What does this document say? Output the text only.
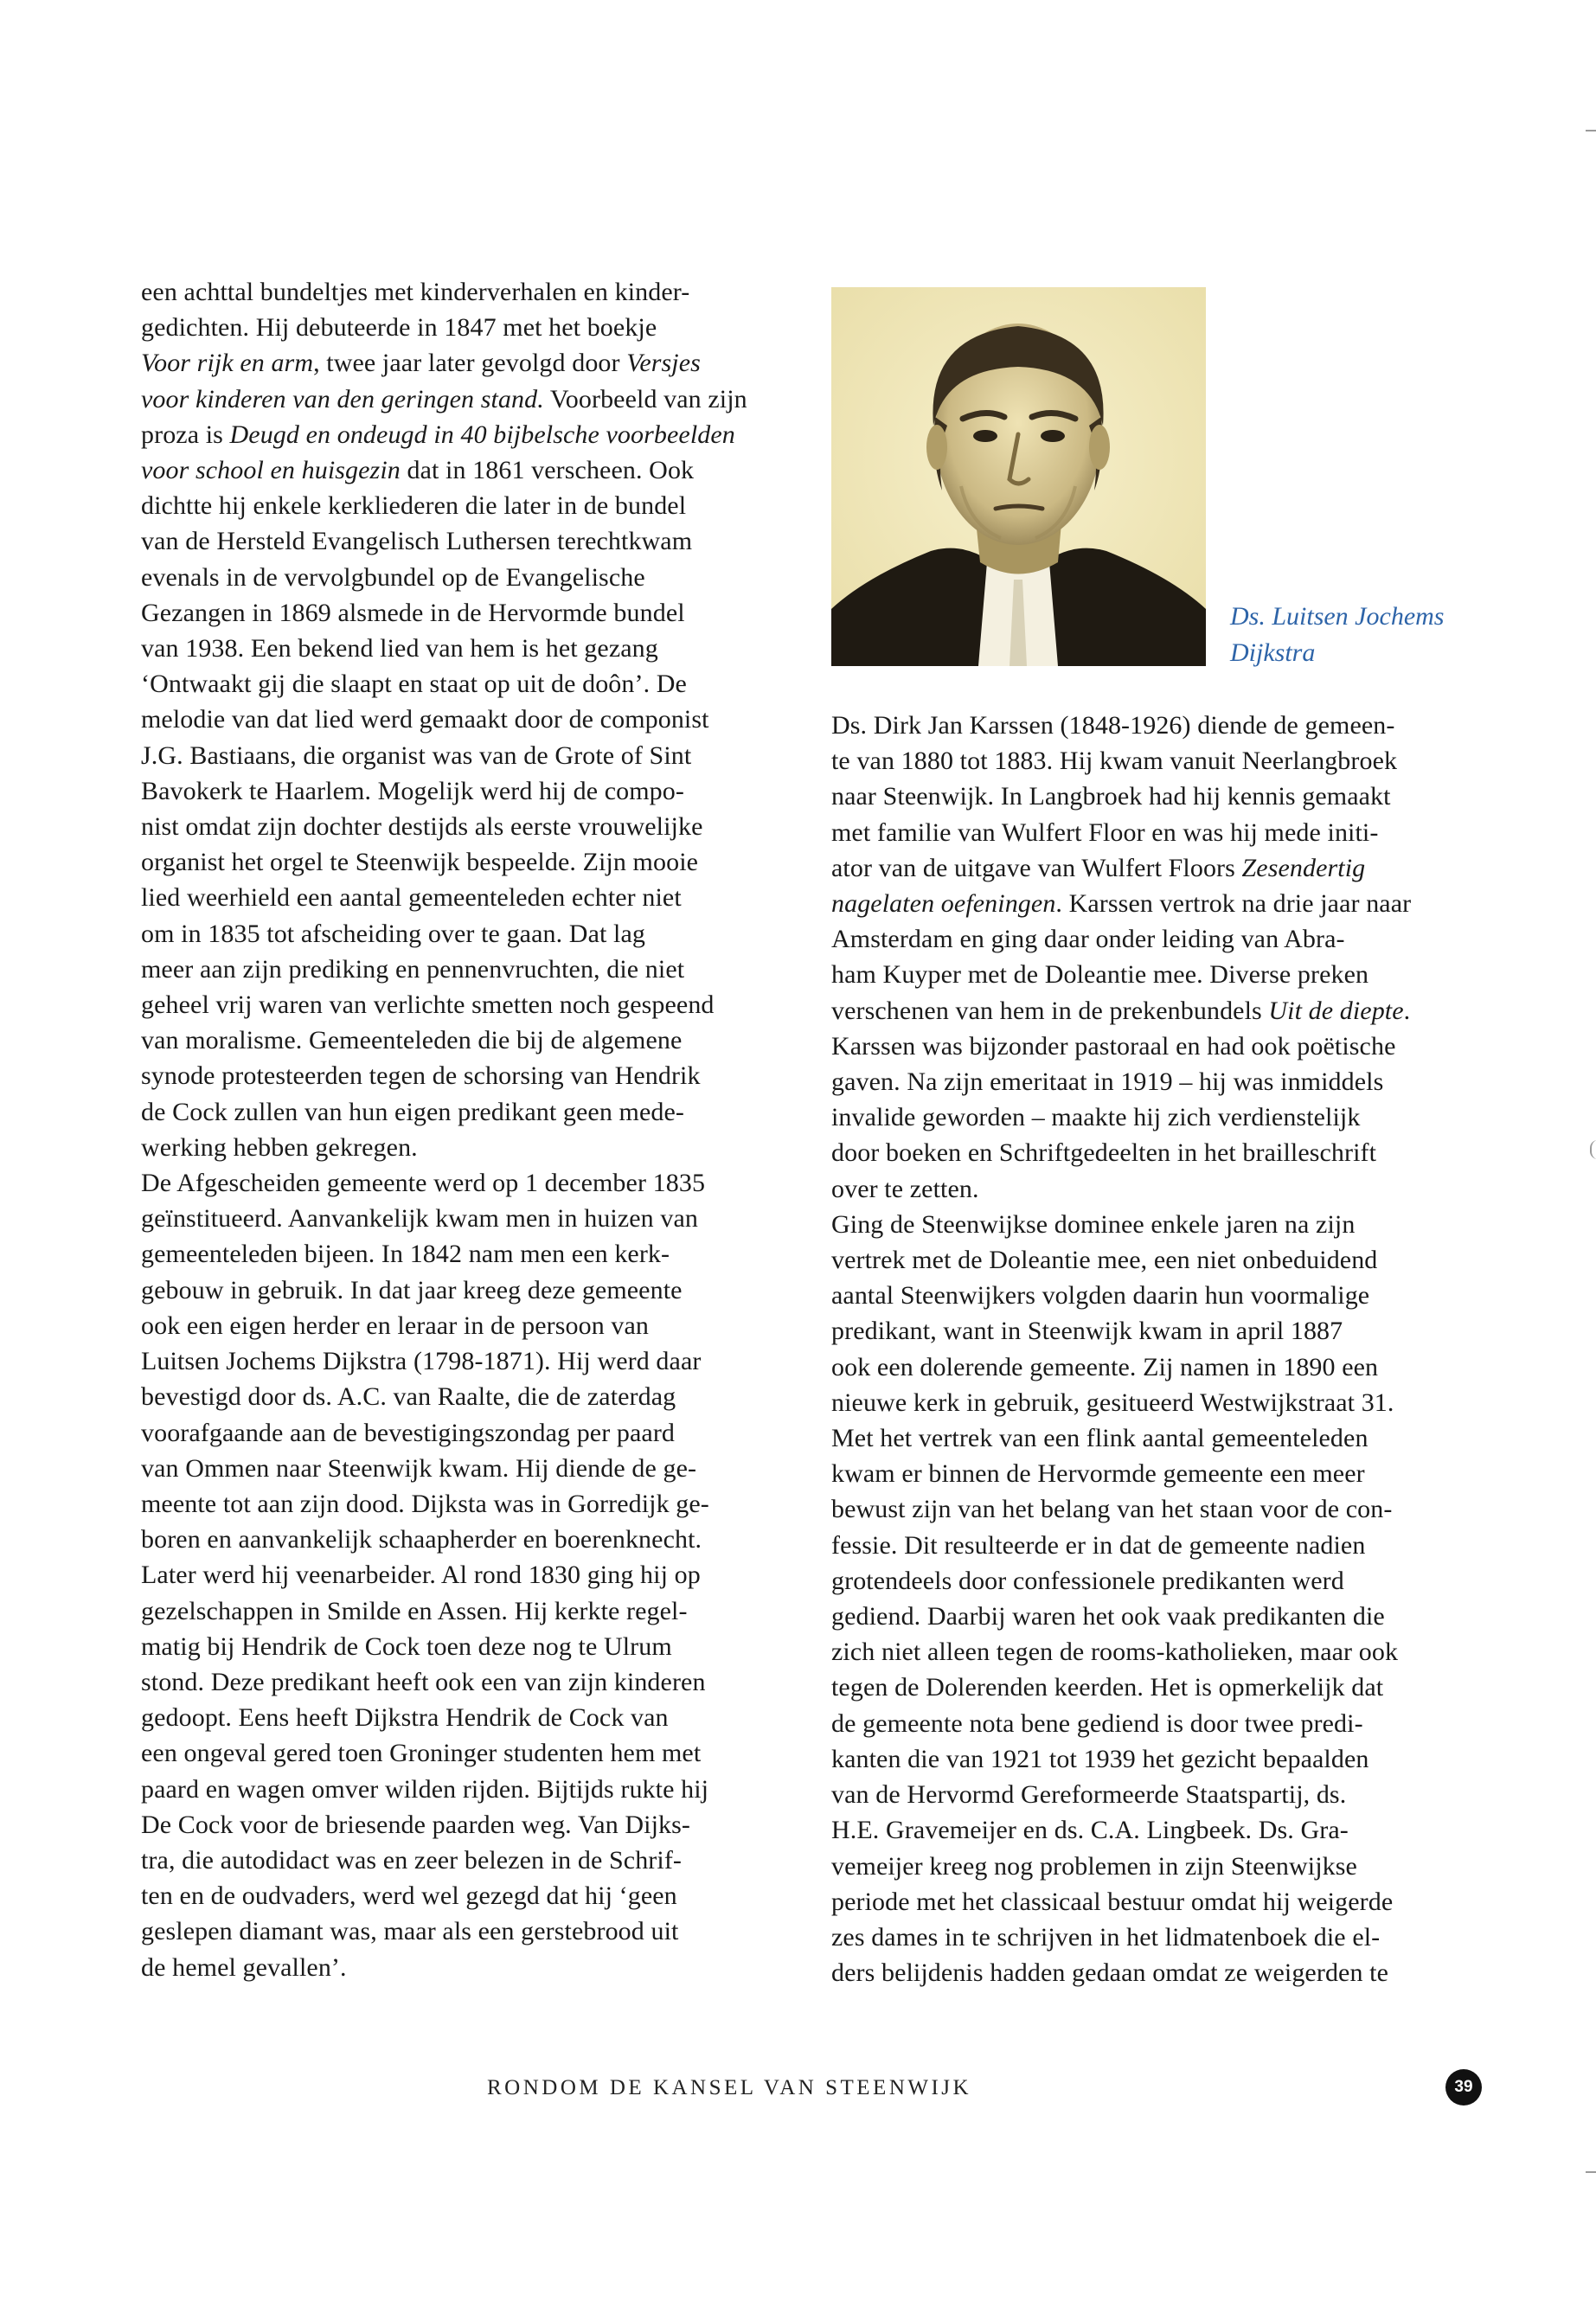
een achttal bundeltjes met kinderverhalen en kinder-
gedichten. Hij debuteerde in 1847 met het boekje
Voor rijk en arm, twee jaar later gevolgd door Versjes
voor kinderen van den geringen stand. Voorbeeld van zijn
proza is Deugd en ondeugd in 40 bijbelsche voorbeelden
voor school en huisgezin dat in 1861 verscheen. Ook
dichtte hij enkele kerkliederen die later in de bundel
van de Hersteld Evangelisch Luthersen terechtkwam
evenals in de vervolgbundel op de Evangelische
Gezangen in 1869 alsmede in de Hervormde bundel
van 1938. Een bekend lied van hem is het gezang
‘Ontwaakt gij die slaapt en staat op uit de doôn’. De
melodie van dat lied werd gemaakt door de componist
J.G. Bastiaans, die organist was van de Grote of Sint
Bavokerk te Haarlem. Mogelijk werd hij de compo-
nist omdat zijn dochter destijds als eerste vrouwelijke
organist het orgel te Steenwijk bespeelde. Zijn mooie
lied weerhield een aantal gemeenteleden echter niet
om in 1835 tot afscheiding over te gaan. Dat lag
meer aan zijn prediking en pennenvruchten, die niet
geheel vrij waren van verlichte smetten noch gespeend
van moralisme. Gemeenteleden die bij de algemene
synode protesteerden tegen de schorsing van Hendrik
de Cock zullen van hun eigen predikant geen mede-
werking hebben gekregen.
De Afgescheiden gemeente werd op 1 december 1835
geïnstitueerd. Aanvankelijk kwam men in huizen van
gemeenteleden bijeen. In 1842 nam men een kerk-
gebouw in gebruik. In dat jaar kreeg deze gemeente
ook een eigen herder en leraar in de persoon van
Luitsen Jochems Dijkstra (1798-1871). Hij werd daar
bevestigd door ds. A.C. van Raalte, die de zaterdag
voorafgaande aan de bevestigingszondag per paard
van Ommen naar Steenwijk kwam. Hij diende de ge-
meente tot aan zijn dood. Dijksta was in Gorredijk ge-
boren en aanvankelijk schaapherder en boerenknecht.
Later werd hij veenarbeider. Al rond 1830 ging hij op
gezelschappen in Smilde en Assen. Hij kerkte regel-
matig bij Hendrik de Cock toen deze nog te Ulrum
stond. Deze predikant heeft ook een van zijn kinderen
gedoopt. Eens heeft Dijkstra Hendrik de Cock van
een ongeval gered toen Groninger studenten hem met
paard en wagen omver wilden rijden. Bijtijds rukte hij
De Cock voor de briesende paarden weg. Van Dijks-
tra, die autodidact was en zeer belezen in de Schrif-
ten en de oudvaders, werd wel gezegd dat hij ‘geen
geslepen diamant was, maar als een gerstebrood uit
de hemel gevallen’.

Ds. Luitsen Jochems
Dijkstra

Ds. Dirk Jan Karssen (1848-1926) diende de gemeen-
te van 1880 tot 1883. Hij kwam vanuit Neerlangbroek
naar Steenwijk. In Langbroek had hij kennis gemaakt
met familie van Wulfert Floor en was hij mede initi-
ator van de uitgave van Wulfert Floors Zesendertig
nagelaten oefeningen. Karssen vertrok na drie jaar naar
Amsterdam en ging daar onder leiding van Abra-
ham Kuyper met de Doleantie mee. Diverse preken
verschenen van hem in de prekenbundels Uit de diepte.
Karssen was bijzonder pastoraal en had ook poëtische
gaven. Na zijn emeritaat in 1919 – hij was inmiddels
invalide geworden – maakte hij zich verdienstelijk
door boeken en Schriftgedeelten in het brailleschrift
over te zetten.
Ging de Steenwijkse dominee enkele jaren na zijn
vertrek met de Doleantie mee, een niet onbeduidend
aantal Steenwijkers volgden daarin hun voormalige
predikant, want in Steenwijk kwam in april 1887
ook een dolerende gemeente. Zij namen in 1890 een
nieuwe kerk in gebruik, gesitueerd Westwijkstraat 31.
Met het vertrek van een flink aantal gemeenteleden
kwam er binnen de Hervormde gemeente een meer
bewust zijn van het belang van het staan voor de con-
fessie. Dit resulteerde er in dat de gemeente nadien
grotendeels door confessionele predikanten werd
gediend. Daarbij waren het ook vaak predikanten die
zich niet alleen tegen de rooms-katholieken, maar ook
tegen de Dolerenden keerden. Het is opmerkelijk dat
de gemeente nota bene gediend is door twee predi-
kanten die van 1921 tot 1939 het gezicht bepaalden
van de Hervormd Gereformeerde Staatspartij, ds.
H.E. Gravemeijer en ds. C.A. Lingbeek. Ds. Gra-
vemeijer kreeg nog problemen in zijn Steenwijkse
periode met het classicaal bestuur omdat hij weigerde
zes dames in te schrijven in het lidmatenboek die el-
ders belijdenis hadden gedaan omdat ze weigerden te

RONDOM DE KANSEL VAN STEENWIJK	39
